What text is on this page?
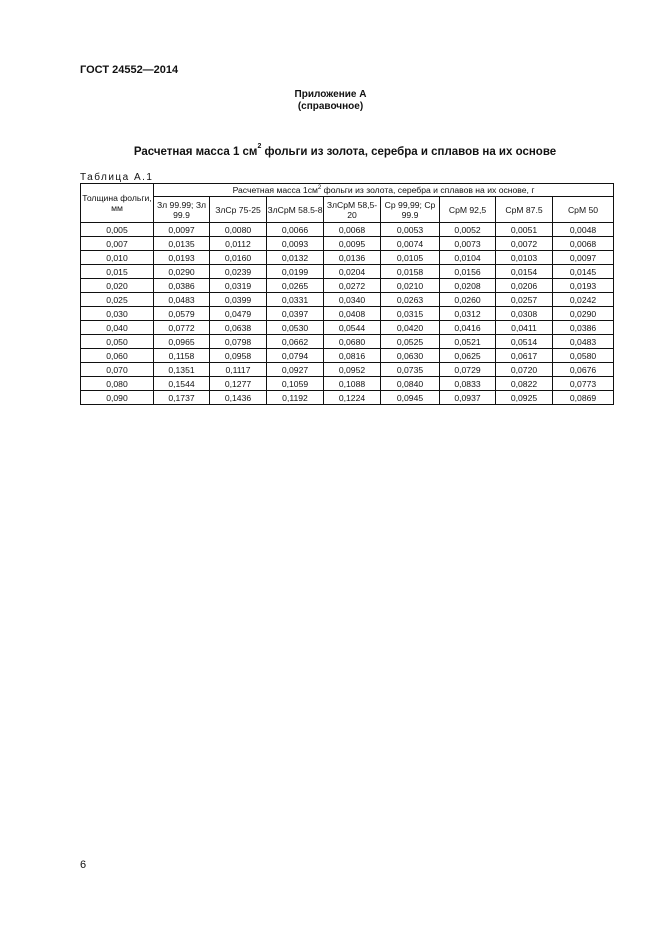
ГОСТ 24552—2014
Приложение А
(справочное)
Расчетная масса 1 $см^2$ фольги из золота, серебра и сплавов на их основе
Таблица А.1
Толщина фольги, мм	Расчетная масса $1см^2$ фольги из золота, серебра и сплавов на их основе, г							
	Зл 99.99; Зл 99.9	ЗлСр 75-25	ЗлСрМ 58.5-8	ЗлСрМ 58,5-20	Ср 99,99; Ср 99.9	СрМ 92,5	СрМ 87.5	СрМ 50
0,005	0,0097	0,0080	0,0066	0,0068	0,0053	0,0052	0,0051	0,0048
0,007	0,0135	0,0112	0,0093	0,0095	0,0074	0,0073	0,0072	0,0068
0,010	0,0193	0,0160	0,0132	0,0136	0,0105	0,0104	0,0103	0,0097
0,015	0,0290	0,0239	0,0199	0,0204	0,0158	0,0156	0,0154	0,0145
0,020	0,0386	0,0319	0,0265	0,0272	0,0210	0,0208	0,0206	0,0193
0,025	0,0483	0,0399	0,0331	0,0340	0,0263	0,0260	0,0257	0,0242
0,030	0,0579	0,0479	0,0397	0,0408	0,0315	0,0312	0,0308	0,0290
0,040	0,0772	0,0638	0,0530	0,0544	0,0420	0,0416	0,0411	0,0386
0,050	0,0965	0,0798	0,0662	0,0680	0,0525	0,0521	0,0514	0,0483
0,060	0,1158	0,0958	0,0794	0,0816	0,0630	0,0625	0,0617	0,0580
0,070	0,1351	0,1117	0,0927	0,0952	0,0735	0,0729	0,0720	0,0676
0,080	0,1544	0,1277	0,1059	0,1088	0,0840	0,0833	0,0822	0,0773
0,090	0,1737	0,1436	0,1192	0,1224	0,0945	0,0937	0,0925	0,0869
6
